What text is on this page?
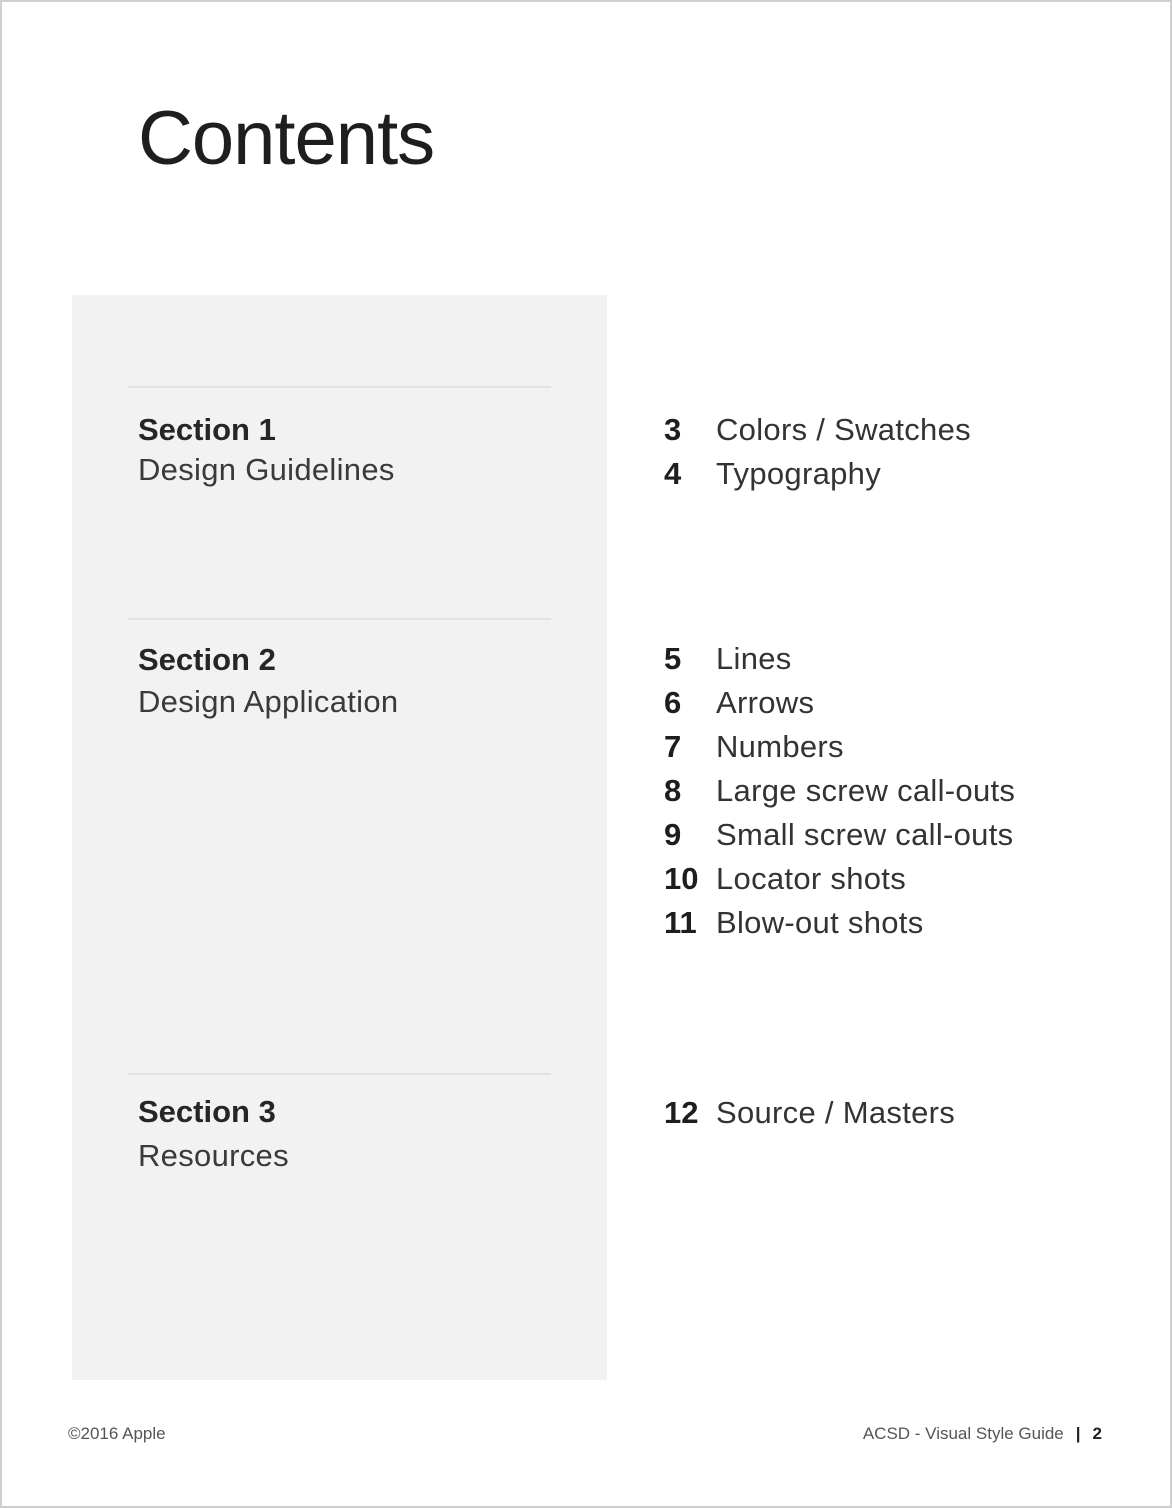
Contents
Section 1
Design Guidelines
3	Colors / Swatches
4	Typography
Section 2
Design Application
5	Lines
6	Arrows
7	Numbers
8	Large screw call-outs
9	Small screw call-outs
10 Locator shots
11 Blow-out shots
Section 3
Resources
12 Source / Masters
©2016 Apple	ACSD - Visual Style Guide | 2
